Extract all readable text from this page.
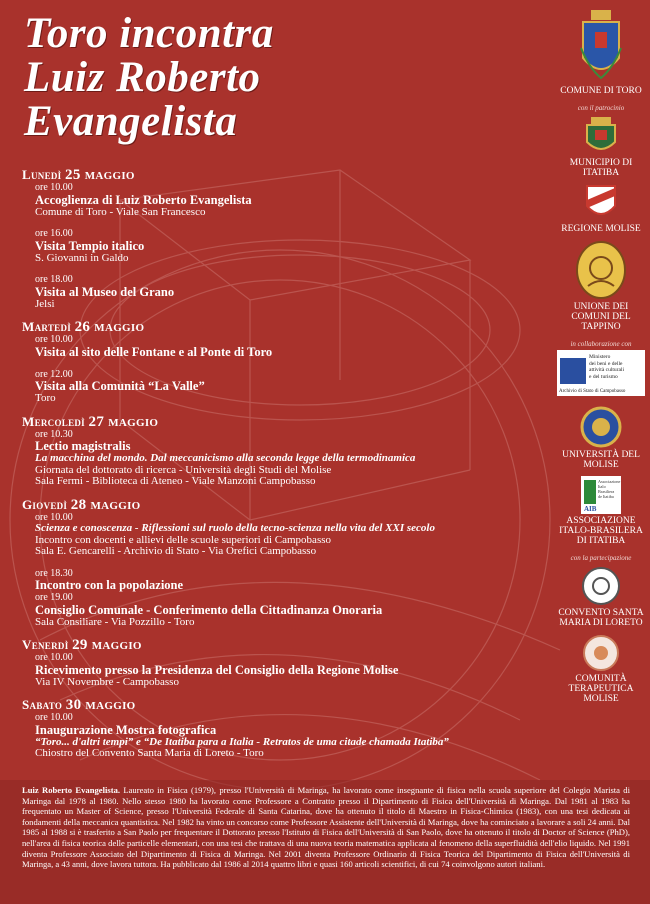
Toro incontra
Luiz Roberto
Evangelista
Lunedì 25 maggio
ore 10.00
Accoglienza di Luiz Roberto Evangelista
Comune di Toro - Viale San Francesco
ore 16.00
Visita Tempio italico
S. Giovanni in Galdo
ore 18.00
Visita al Museo del Grano
Jelsi
Martedì 26 maggio
ore 10.00
Visita al sito delle Fontane e al Ponte di Toro
ore 12.00
Visita alla Comunità “La Valle”
Toro
Mercoledì 27 maggio
ore 10.30
Lectio magistralis
La macchina del mondo. Dal meccanicismo alla seconda legge della termodinamica
Giornata del dottorato di ricerca - Università degli Studi del Molise
Sala Fermi - Biblioteca di Ateneo - Viale Manzoni Campobasso
Giovedì 28 maggio
ore 10.00
Scienza e conoscenza - Riflessioni sul ruolo della tecno-scienza nella vita del XXI secolo
Incontro con docenti e allievi delle scuole superiori di Campobasso
Sala E. Gencarelli - Archivio di Stato - Via Orefici Campobasso
ore 18.30
Incontro con la popolazione
ore 19.00
Consiglio Comunale - Conferimento della Cittadinanza Onoraria
Sala Consiliare - Via Pozzillo - Toro
Venerdì 29 maggio
ore 10.00
Ricevimento presso la Presidenza del Consiglio della Regione Molise
Via IV Novembre - Campobasso
Sabato 30 maggio
ore 10.00
Inaugurazione Mostra fotografica
“Toro... d'altri tempi” e “De Itatiba para a Italia - Retratos de uma citade chamada Itatiba”
Chiostro del Convento Santa Maria di Loreto - Toro
COMUNE DI TORO
con il patrocinio
MUNICIPIO DI ITATIBA
REGIONE MOLISE
UNIONE DEI COMUNI DEL TAPPINO
in collaborazione con
Ministero
dei beni e delle
attività culturali
e del turismo
Archivio di Stato di Campobasso
UNIVERSITÀ DEL MOLISE
Associazione
Italo
Brasiliera
de Itatiba
AIB
ASSOCIAZIONE ITALO-BRASILERA DI ITATIBA
con la partecipazione
CONVENTO SANTA MARIA DI LORETO
COMUNITÀ TERAPEUTICA MOLISE
Luiz Roberto Evangelista. Laureato in Fisica (1979), presso l'Università di Maringa, ha lavorato come insegnante di fisica nella scuola superiore del Colegio Marista di Maringa dal 1978 al 1980. Nello stesso 1980 ha lavorato come Professore a Contratto presso il Dipartimento di Fisica dell'Università di Maringa. Dal 1981 al 1983 ha frequentato un Master of Science, presso l'Università Federale di Santa Catarina, dove ha ottenuto il titolo di Maestro in Fisica-Chimica (1983), con una tesi dedicata ai fondamenti della meccanica quantistica. Nel 1982 ha vinto un concorso come Professore Assistente dell'Università di Maringa, dove ha cominciato a lavorare a soli 24 anni. Dal 1985 al 1988 si è trasferito a San Paolo per frequentare il Dottorato presso l'Istituto di Fisica dell'Università di San Paolo, dove ha ottenuto il titolo di Doctor of Science (PhD), nell'area di fisica teorica delle particelle elementari, con una tesi che trattava di una nuova teoria matematica applicata al fenomeno della superfluidità dell'elio liquido. Nel 1991 diventa Professore Associato del Dipartimento di Fisica di Maringa. Nel 2001 diventa Professore Ordinario di Fisica Teorica del Dipartimento di Fisica dell'Università di Maringa, a 43 anni, dove lavora tuttora. Ha pubblicato dal 1986 al 2014 quattro libri e quasi 160 articoli scientifici, di cui 74 coinvolgono autori italiani.
